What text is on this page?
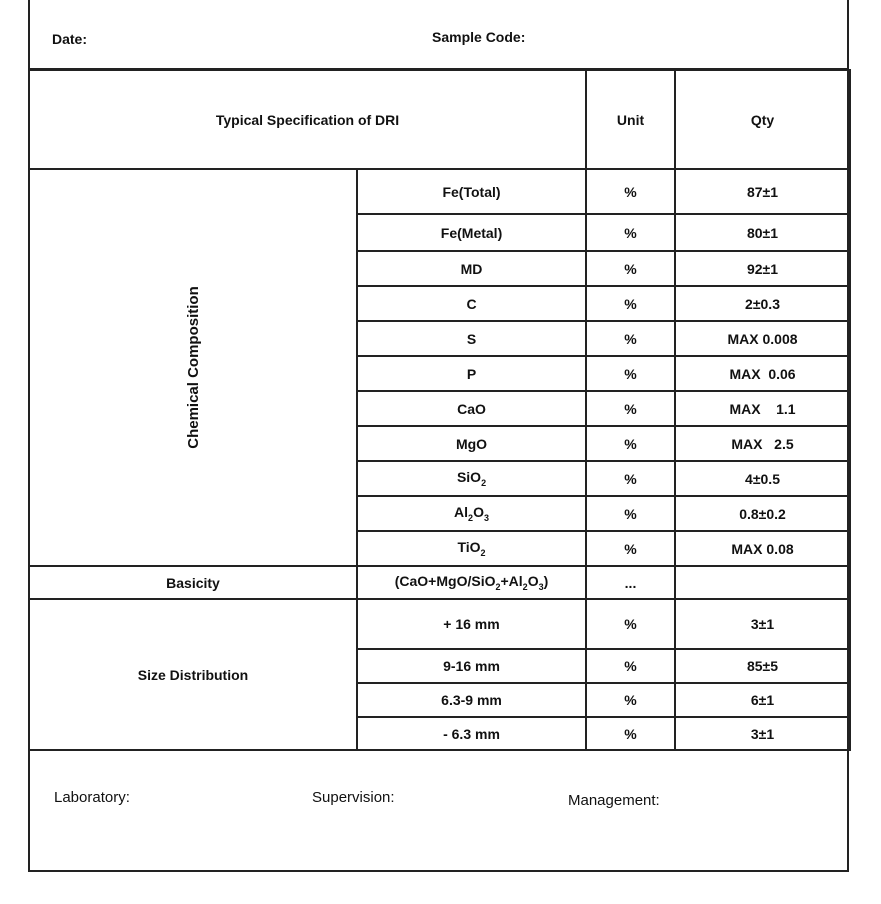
Date:	Sample Code:
Laboratory:	Supervision:	Management:
Typical Specification of DRI		Unit	Qty
Chemical Composition	Fe(Total)	%	87±1
	Fe(Metal)	%	80±1
	MD	%	92±1
	C	%	2±0.3
	S	%	MAX 0.008
	P	%	MAX  0.06
	CaO	%	MAX    1.1
	MgO	%	MAX   2.5
	SiO$_2$	%	4±0.5
	$Al_2O_3$	%	0.8±0.2
	TiO$_2$	%	MAX 0.08
Basicity	$(CaO+MgO/SiO_2+Al_2O_3)$	...	
Size Distribution	+ 16 mm	%	3±1
	9-16 mm	%	85±5
	6.3-9 mm	%	6±1
	- 6.3 mm	%	3±1
